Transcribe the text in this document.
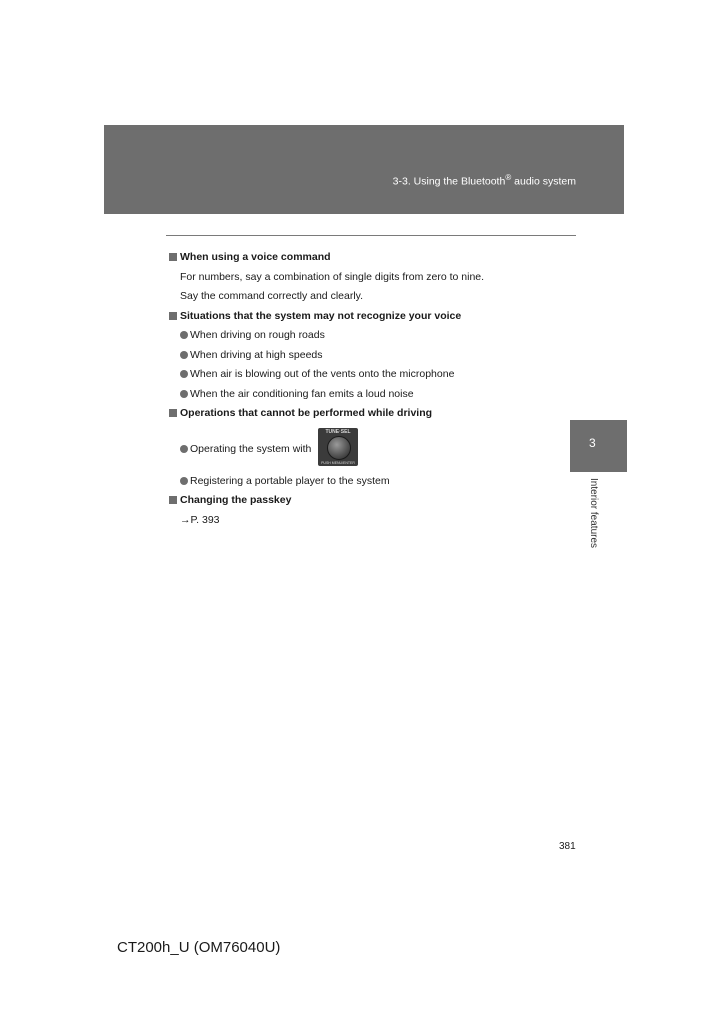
3-3. Using the Bluetooth® audio system
When using a voice command
For numbers, say a combination of single digits from zero to nine.
Say the command correctly and clearly.
Situations that the system may not recognize your voice
When driving on rough roads
When driving at high speeds
When air is blowing out of the vents onto the microphone
When the air conditioning fan emits a loud noise
Operations that cannot be performed while driving
Operating the system with
TUNE·SEL
PUSH MENU/ENTER
Registering a portable player to the system
Changing the passkey
→P. 393
3
Interior features
381
CT200h_U (OM76040U)
